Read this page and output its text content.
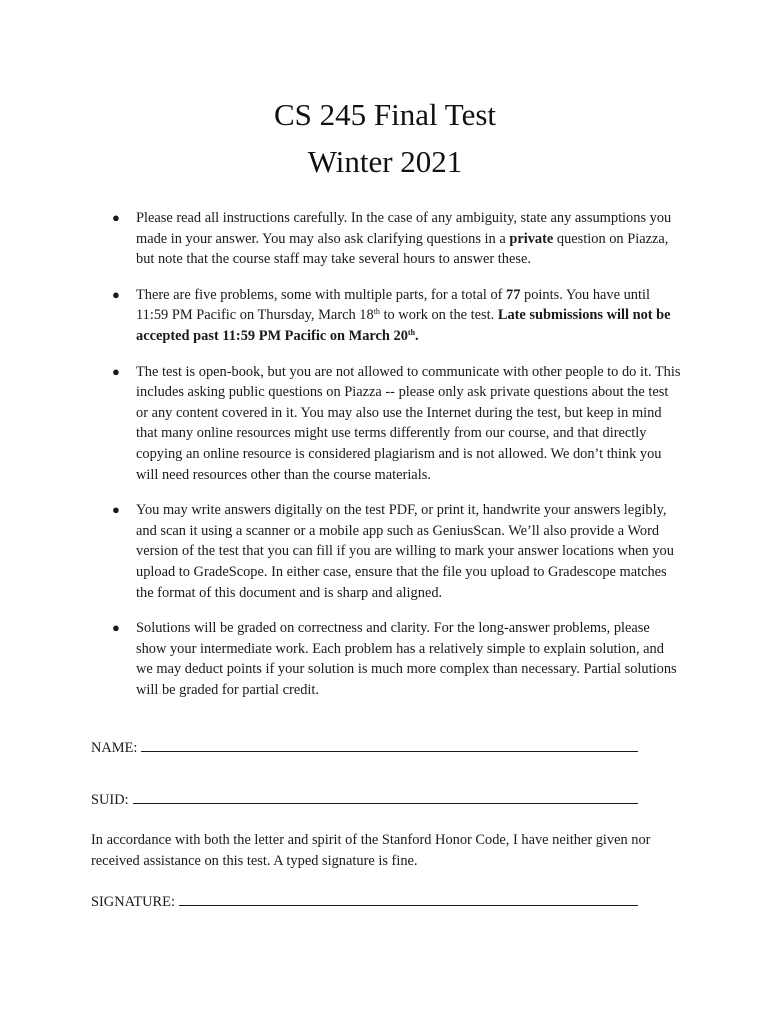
CS 245 Final Test
Winter 2021
● Please read all instructions carefully. In the case of any ambiguity, state any assumptions you made in your answer. You may also ask clarifying questions in a private question on Piazza, but note that the course staff may take several hours to answer these.
● There are five problems, some with multiple parts, for a total of 77 points. You have until 11:59 PM Pacific on Thursday, March 18th to work on the test. Late submissions will not be accepted past 11:59 PM Pacific on March 20th.
● The test is open-book, but you are not allowed to communicate with other people to do it. This includes asking public questions on Piazza -- please only ask private questions about the test or any content covered in it. You may also use the Internet during the test, but keep in mind that many online resources might use terms differently from our course, and that directly copying an online resource is considered plagiarism and is not allowed. We don’t think you will need resources other than the course materials.
● You may write answers digitally on the test PDF, or print it, handwrite your answers legibly, and scan it using a scanner or a mobile app such as GeniusScan. We’ll also provide a Word version of the test that you can fill if you are willing to mark your answer locations when you upload to GradeScope. In either case, ensure that the file you upload to Gradescope matches the format of this document and is sharp and aligned.
● Solutions will be graded on correctness and clarity. For the long-answer problems, please show your intermediate work. Each problem has a relatively simple to explain solution, and we may deduct points if your solution is much more complex than necessary. Partial solutions will be graded for partial credit.
NAME:
SUID:
In accordance with both the letter and spirit of the Stanford Honor Code, I have neither given nor received assistance on this test. A typed signature is fine.
SIGNATURE:
